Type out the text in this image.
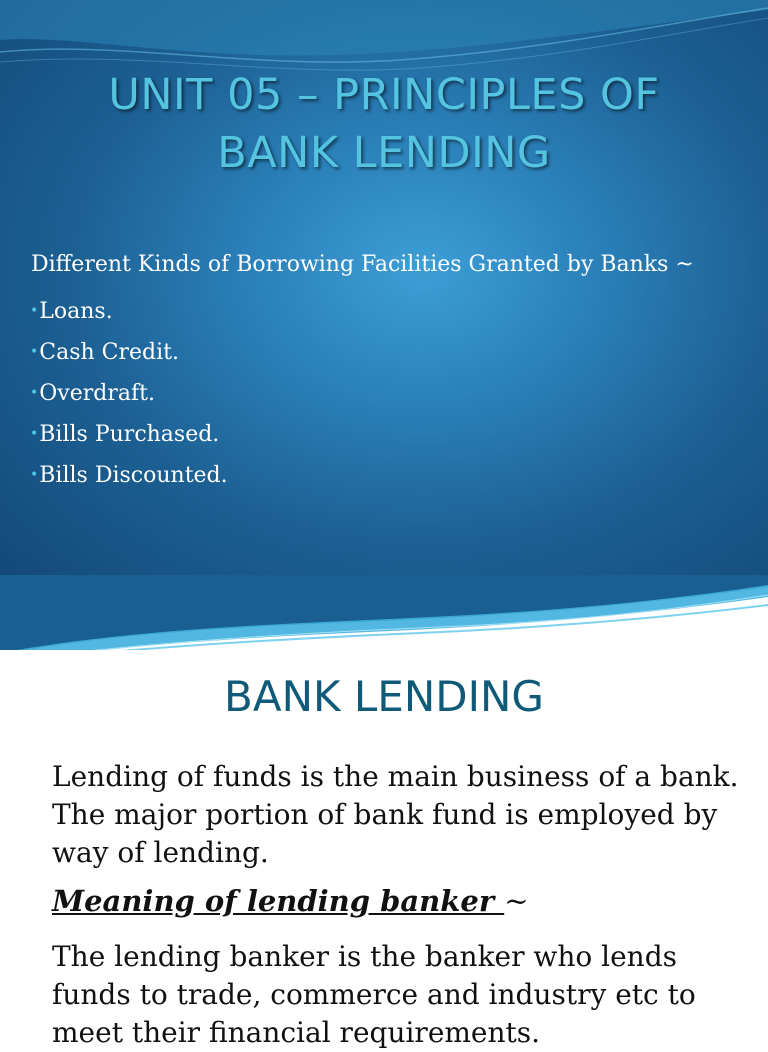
UNIT 05 – PRINCIPLES OF
BANK LENDING
Different Kinds of Borrowing Facilities Granted by Banks ~
•Loans.
•Cash Credit.
•Overdraft.
•Bills Purchased.
•Bills Discounted.
BANK LENDING
Lending of funds is the main business of a bank. The major portion of bank fund is employed by way of lending.
Meaning of lending banker ~
The lending banker is the banker who lends funds to trade, commerce and industry etc to meet their financial requirements.
